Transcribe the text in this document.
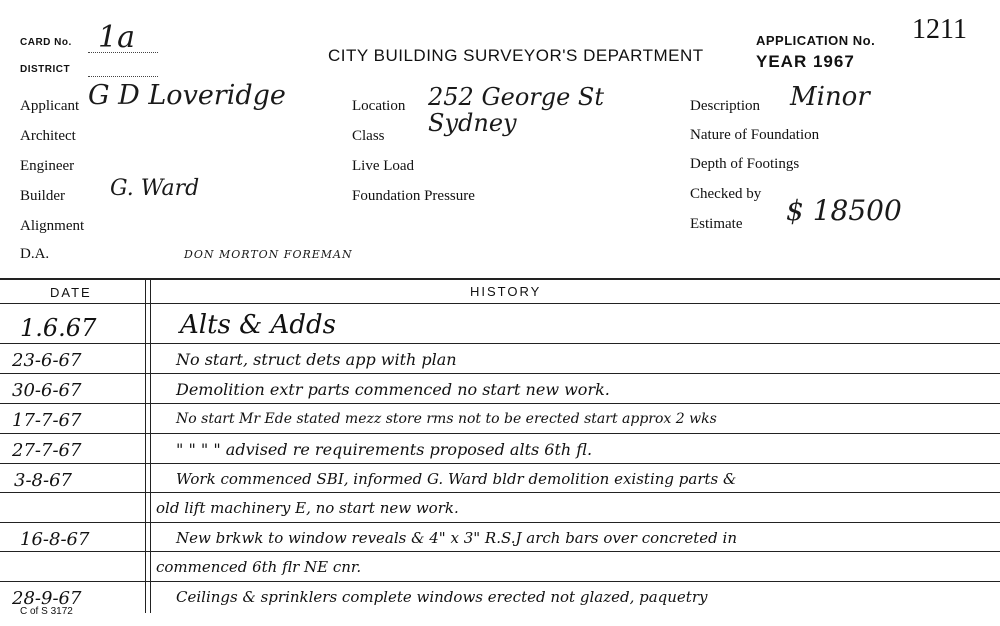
CARD No. 1a
DISTRICT
CITY BUILDING SURVEYOR'S DEPARTMENT
APPLICATION No. 1211
YEAR 1967
Applicant G D Loveridge
Architect
Engineer
Builder G. Ward
Alignment
D.A.	DON MORTON FOREMAN
Location 252 George St Sydney
Class
Live Load
Foundation Pressure
Description Minor
Nature of Foundation
Depth of Footings
Checked by
Estimate $ 18500
DATE	HISTORY
1.6.67	Alts & Adds
23-6-67	No start, struct dets app with plan
30-6-67	Demolition extr parts commenced no start new work.
17-7-67	No start Mr Ede stated mezz store rms not to be erected start approx 2 wks
27-7-67	" " " " advised re requirements proposed alts 6th fl.
3-8-67	Work commenced SBI, informed G. Ward bldr demolition existing parts &
old lift machinery E, no start new work.
16-8-67	New brkwk to window reveals & 4" x 3" R.S.J arch bars over concreted in
commenced 6th flr NE cnr.
28-9-67	Ceilings & sprinklers complete windows erected not glazed, paquetry
C of S 3172
